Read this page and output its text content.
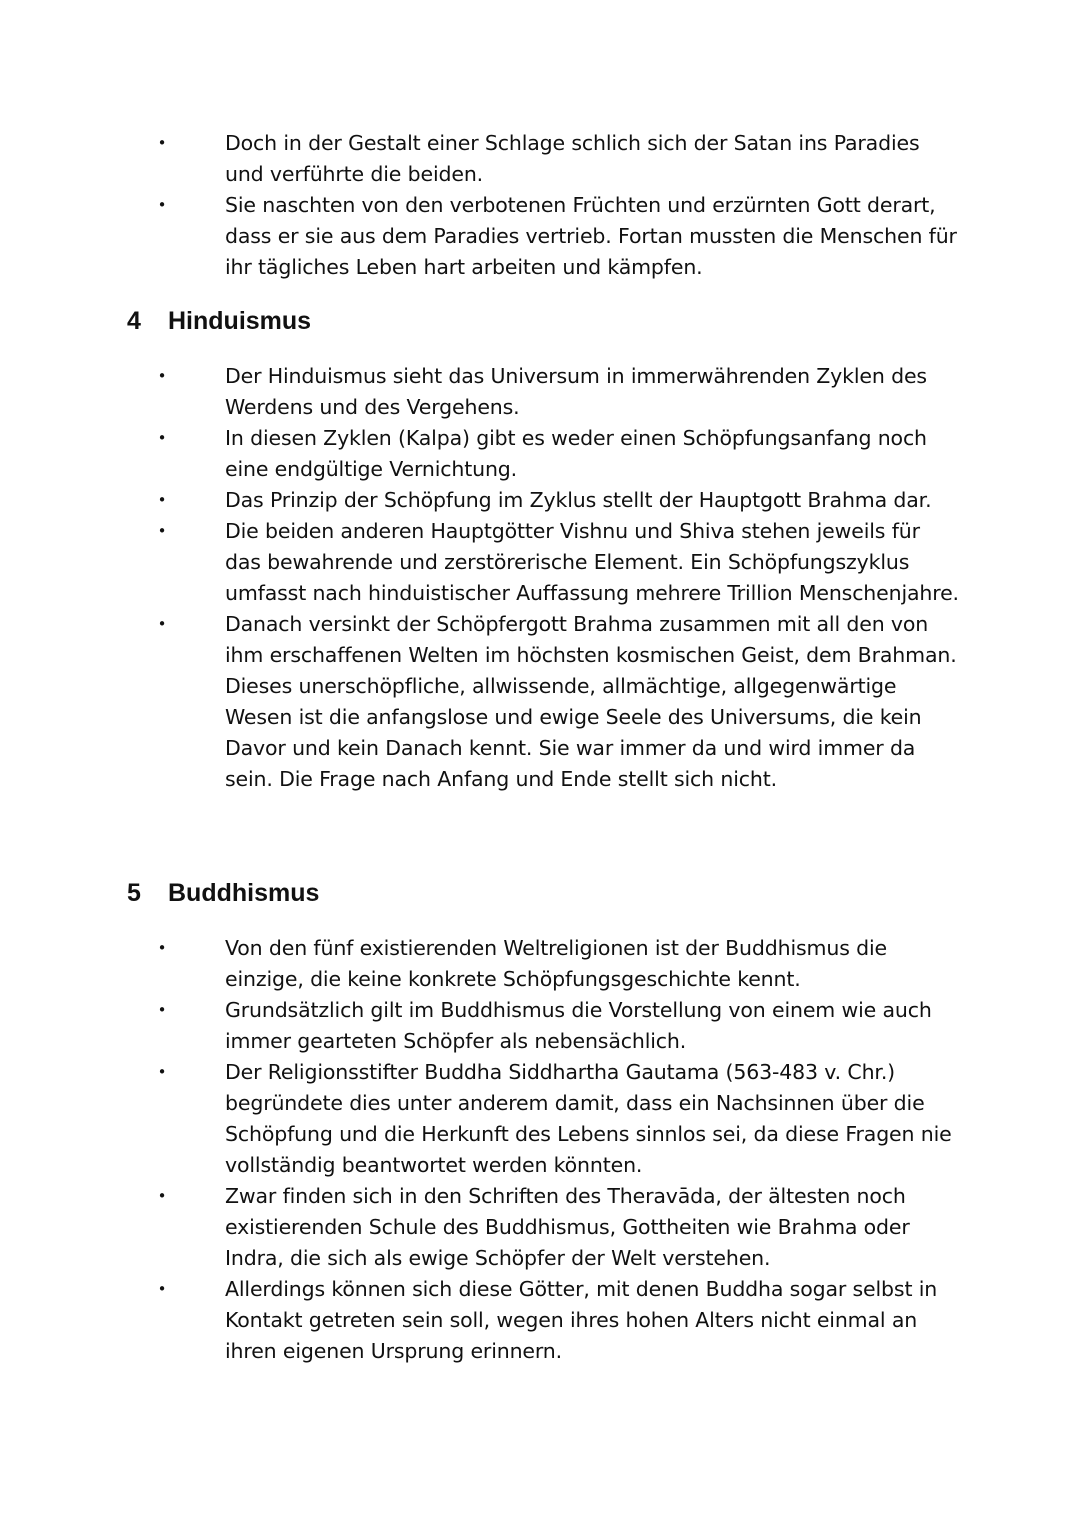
•	Doch in der Gestalt einer Schlage schlich sich der Satan ins Paradies und verführte die beiden.
•	Sie naschten von den verbotenen Früchten und erzürnten Gott derart, dass er sie aus dem Paradies vertrieb. Fortan mussten die Menschen für ihr tägliches Leben hart arbeiten und kämpfen.
4 Hinduismus
•	Der Hinduismus sieht das Universum in immerwährenden Zyklen des Werdens und des Vergehens.
•	In diesen Zyklen (Kalpa) gibt es weder einen Schöpfungsanfang noch eine endgültige Vernichtung.
•	Das Prinzip der Schöpfung im Zyklus stellt der Hauptgott Brahma dar.
•	Die beiden anderen Hauptgötter Vishnu und Shiva stehen jeweils für das bewahrende und zerstörerische Element. Ein Schöpfungszyklus umfasst nach hinduistischer Auffassung mehrere Trillion Menschenjahre.
•	Danach versinkt der Schöpfergott Brahma zusammen mit all den von ihm erschaffenen Welten im höchsten kosmischen Geist, dem Brahman. Dieses unerschöpfliche, allwissende, allmächtige, allgegenwärtige Wesen ist die anfangslose und ewige Seele des Universums, die kein Davor und kein Danach kennt. Sie war immer da und wird immer da sein. Die Frage nach Anfang und Ende stellt sich nicht.
5 Buddhismus
•	Von den fünf existierenden Weltreligionen ist der Buddhismus die einzige, die keine konkrete Schöpfungsgeschichte kennt.
•	Grundsätzlich gilt im Buddhismus die Vorstellung von einem wie auch immer gearteten Schöpfer als nebensächlich.
•	Der Religionsstifter Buddha Siddhartha Gautama (563-483 v. Chr.) begründete dies unter anderem damit, dass ein Nachsinnen über die Schöpfung und die Herkunft des Lebens sinnlos sei, da diese Fragen nie vollständig beantwortet werden könnten.
•	Zwar finden sich in den Schriften des Theravāda, der ältesten noch existierenden Schule des Buddhismus, Gottheiten wie Brahma oder Indra, die sich als ewige Schöpfer der Welt verstehen.
•	Allerdings können sich diese Götter, mit denen Buddha sogar selbst in Kontakt getreten sein soll, wegen ihres hohen Alters nicht einmal an ihren eigenen Ursprung erinnern.
